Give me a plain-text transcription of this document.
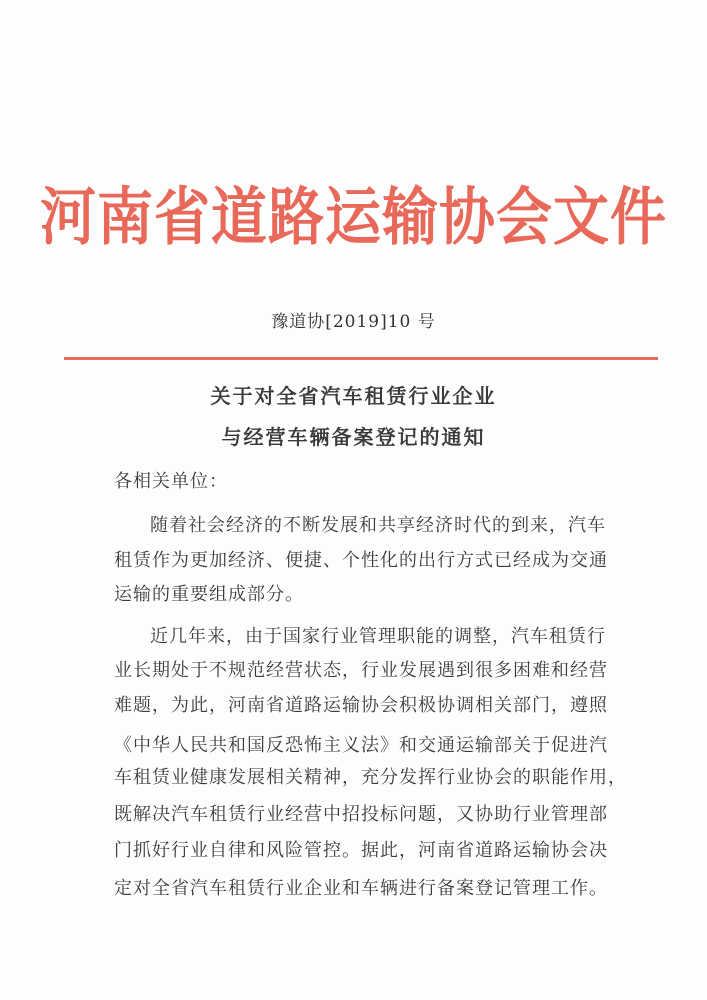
河南省道路运输协会文件
豫道协[2019]10 号
关于对全省汽车租赁行业企业
与经营车辆备案登记的通知
各相关单位：
随着社会经济的不断发展和共享经济时代的到来，汽车
租赁作为更加经济、便捷、个性化的出行方式已经成为交通
运输的重要组成部分。
近几年来，由于国家行业管理职能的调整，汽车租赁行
业长期处于不规范经营状态，行业发展遇到很多困难和经营
难题，为此，河南省道路运输协会积极协调相关部门，遵照
《中华人民共和国反恐怖主义法》和交通运输部关于促进汽
车租赁业健康发展相关精神，充分发挥行业协会的职能作用，
既解决汽车租赁行业经营中招投标问题，又协助行业管理部
门抓好行业自律和风险管控。据此，河南省道路运输协会决
定对全省汽车租赁行业企业和车辆进行备案登记管理工作。
